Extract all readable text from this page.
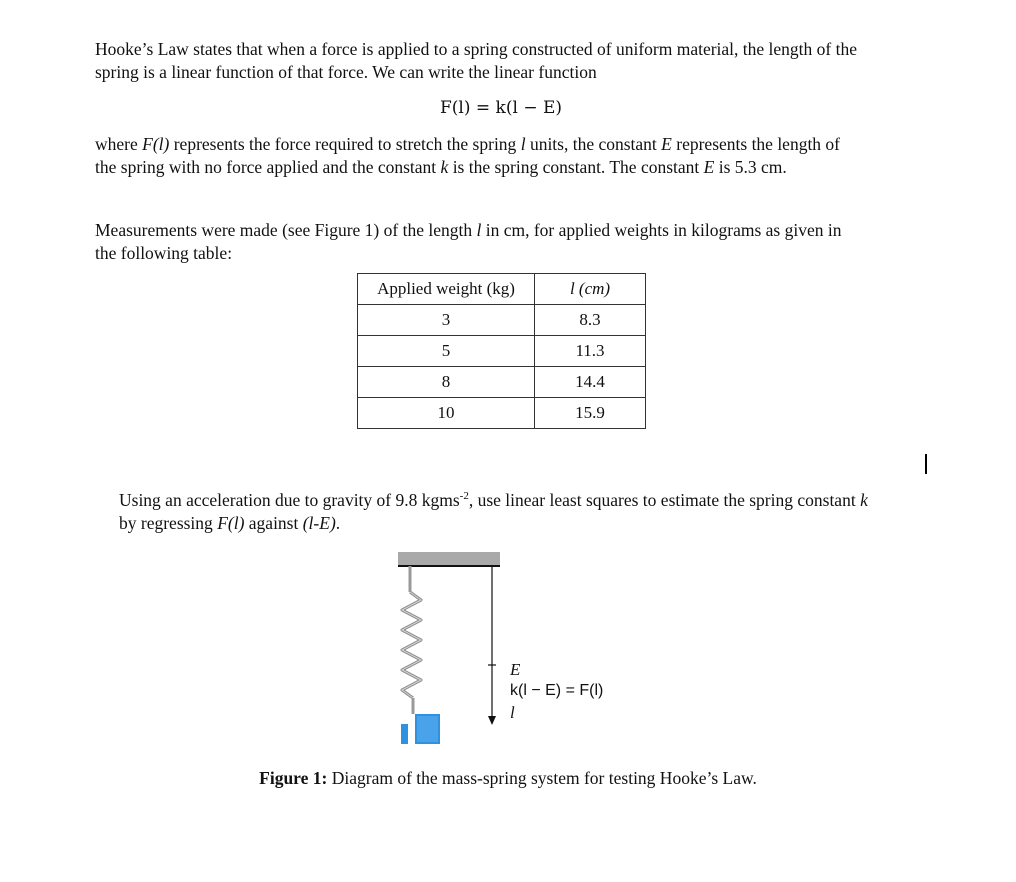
Hooke’s Law states that when a force is applied to a spring constructed of uniform material, the length of the
spring is a linear function of that force. We can write the linear function
F(l) = k(l − E)
where F(l) represents the force required to stretch the spring l units, the constant E represents the length of
the spring with no force applied and the constant k is the spring constant. The constant E is 5.3 cm.
Measurements were made (see Figure 1) of the length l in cm, for applied weights in kilograms as given in
the following table:
Applied weight (kg)	l (cm)
3	8.3
5	11.3
8	14.4
10	15.9
Using an acceleration due to gravity of 9.8 kgms$^{-2}$, use linear least squares to estimate the spring constant k
by regressing F(l) against (l-E).
E
k(l − E) = F(l)
l
Figure 1: Diagram of the mass-spring system for testing Hooke’s Law.
